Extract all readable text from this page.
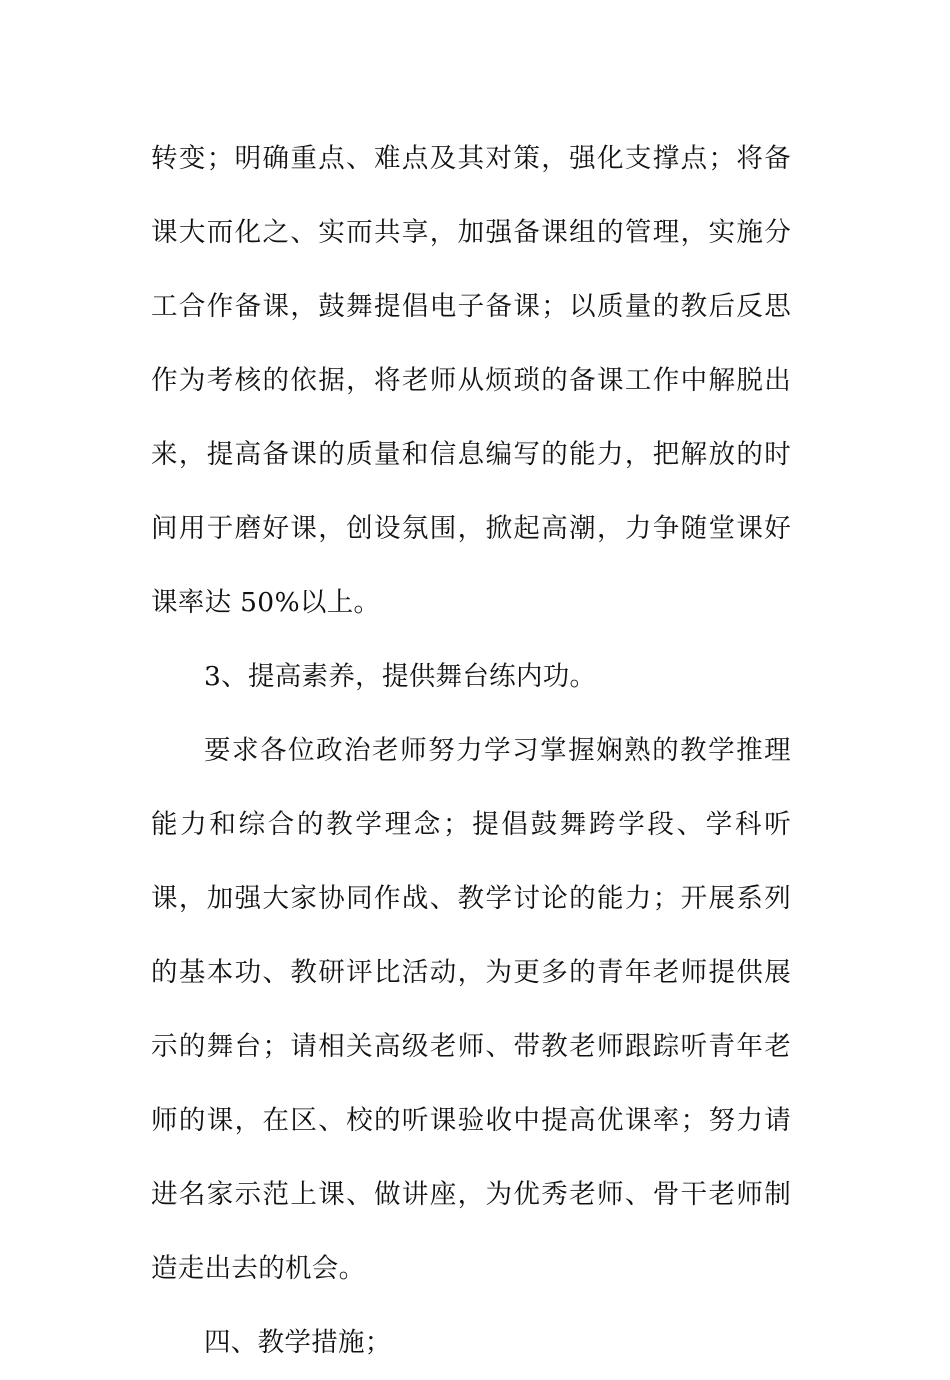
转变；明确重点、难点及其对策，强化支撑点；将备课大而化之、实而共享，加强备课组的管理，实施分工合作备课，鼓舞提倡电子备课；以质量的教后反思作为考核的依据，将老师从烦琐的备课工作中解脱出来，提高备课的质量和信息编写的能力，把解放的时间用于磨好课，创设氛围，掀起高潮，力争随堂课好课率达 50%以上。

3、提高素养，提供舞台练内功。

要求各位政治老师努力学习掌握娴熟的教学推理能力和综合的教学理念；提倡鼓舞跨学段、学科听课，加强大家协同作战、教学讨论的能力；开展系列的基本功、教研评比活动，为更多的青年老师提供展示的舞台；请相关高级老师、带教老师跟踪听青年老师的课，在区、校的听课验收中提高优课率；努力请进名家示范上课、做讲座，为优秀老师、骨干老师制造走出去的机会。

四、教学措施；
